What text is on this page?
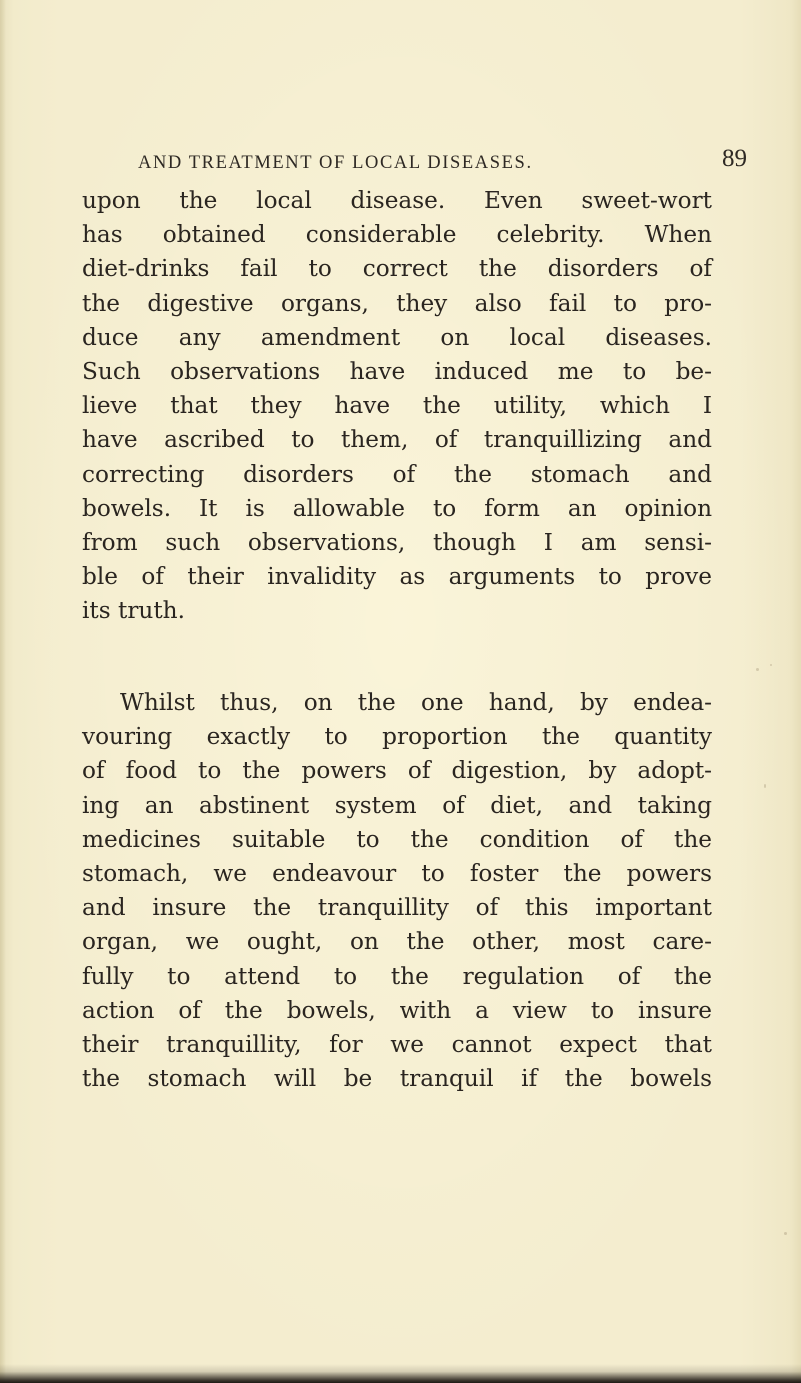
AND TREATMENT OF LOCAL DISEASES.	89
upon the local disease. Even sweet-wort
has obtained considerable celebrity. When
diet-drinks fail to correct the disorders of
the digestive organs, they also fail to pro-
duce any amendment on local diseases.
Such observations have induced me to be-
lieve that they have the utility, which I
have ascribed to them, of tranquillizing and
correcting disorders of the stomach and
bowels. It is allowable to form an opinion
from such observations, though I am sensi-
ble of their invalidity as arguments to prove
its truth.
Whilst thus, on the one hand, by endea-
vouring exactly to proportion the quantity
of food to the powers of digestion, by adopt-
ing an abstinent system of diet, and taking
medicines suitable to the condition of the
stomach, we endeavour to foster the powers
and insure the tranquillity of this important
organ, we ought, on the other, most care-
fully to attend to the regulation of the
action of the bowels, with a view to insure
their tranquillity, for we cannot expect that
the stomach will be tranquil if the bowels
